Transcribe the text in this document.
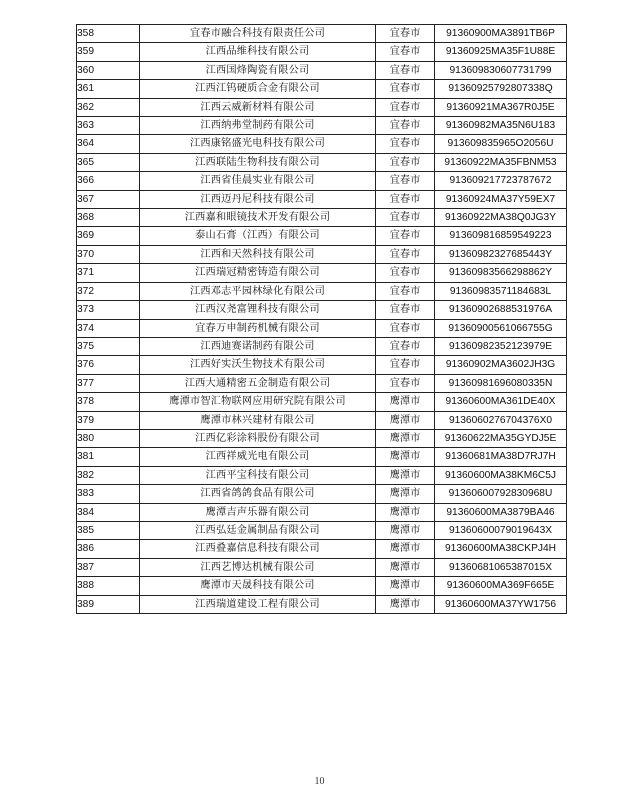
358	宜春市融合科技有限责任公司	宜春市	91360900MA3891TB6P
359	江西品维科技有限公司	宜春市	91360925MA35F1U88E
360	江西国烽陶瓷有限公司	宜春市	913609830607731799
361	江西江钨硬质合金有限公司	宜春市	91360925792807338Q
362	江西云威新材料有限公司	宜春市	91360921MA367R0J5E
363	江西纳弗堂制药有限公司	宜春市	91360982MA35N6U183
364	江西康铭盛光电科技有限公司	宜春市	913609835965O2056U
365	江西联陆生物科技有限公司	宜春市	91360922MA35FBNM53
366	江西省佳晨实业有限公司	宜春市	913609217723787672
367	江西迈丹尼科技有限公司	宜春市	91360924MA37Y59EX7
368	江西嘉和眼镜技术开发有限公司	宜春市	91360922MA38Q0JG3Y
369	泰山石膏（江西）有限公司	宜春市	913609816859549223
370	江西和天然科技有限公司	宜春市	91360982327685443Y
371	江西瑞冠精密铸造有限公司	宜春市	91360983566298862Y
372	江西邓志平园林绿化有限公司	宜春市	91360983571184683L
373	江西汉尧富锂科技有限公司	宜春市	91360902688531976A
374	宜春万申制药机械有限公司	宜春市	91360900561066755G
375	江西迪赛诺制药有限公司	宜春市	91360982352123979E
376	江西好实沃生物技术有限公司	宜春市	91360902MA3602JH3G
377	江西大通精密五金制造有限公司	宜春市	91360981696080335N
378	鹰潭市智汇物联网应用研究院有限公司	鹰潭市	91360600MA361DE40X
379	鹰潭市林兴建材有限公司	鹰潭市	9136060276704376X0
380	江西亿彩涂料股份有限公司	鹰潭市	91360622MA35GYDJ5E
381	江西祥威光电有限公司	鹰潭市	91360681MA38D7RJ7H
382	江西平宝科技有限公司	鹰潭市	91360600MA38KM6C5J
383	江西省鸽鸽食品有限公司	鹰潭市	91360600792830968U
384	鹰潭吉声乐器有限公司	鹰潭市	91360600MA3879BA46
385	江西弘廷金属制品有限公司	鹰潭市	91360600079019643X
386	江西叠嘉信息科技有限公司	鹰潭市	91360600MA38CKPJ4H
387	江西艺博达机械有限公司	鹰潭市	91360681065387015X
388	鹰潭市天晟科技有限公司	鹰潭市	91360600MA369F665E
389	江西瑞道建设工程有限公司	鹰潭市	91360600MA37YW1756
10
